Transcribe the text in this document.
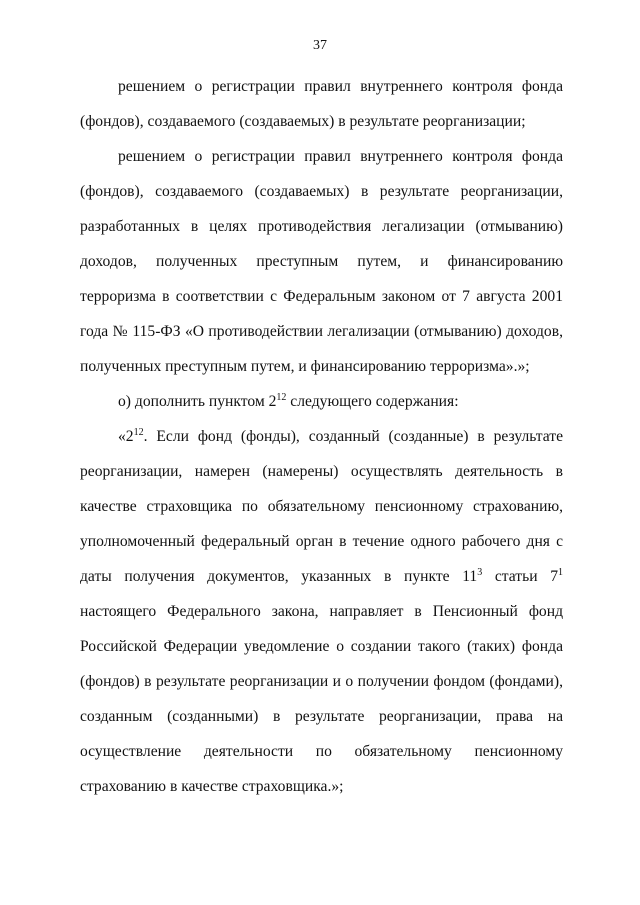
37

решением о регистрации правил внутреннего контроля фонда (фондов), создаваемого (создаваемых) в результате реорганизации;

решением о регистрации правил внутреннего контроля фонда (фондов), создаваемого (создаваемых) в результате реорганизации, разработанных в целях противодействия легализации (отмыванию) доходов, полученных преступным путем, и финансированию терроризма в соответствии с Федеральным законом от 7 августа 2001 года № 115-ФЗ «О противодействии легализации (отмыванию) доходов, полученных преступным путем, и финансированию терроризма».»;

о) дополнить пунктом $2^{12}$ следующего содержания:

«$2^{12}$. Если фонд (фонды), созданный (созданные) в результате реорганизации, намерен (намерены) осуществлять деятельность в качестве страховщика по обязательному пенсионному страхованию, уполномоченный федеральный орган в течение одного рабочего дня с даты получения документов, указанных в пункте $11^3$ статьи $7^1$ настоящего Федерального закона, направляет в Пенсионный фонд Российской Федерации уведомление о создании такого (таких) фонда (фондов) в результате реорганизации и о получении фондом (фондами), созданным (созданными) в результате реорганизации, права на осуществление деятельности по обязательному пенсионному страхованию в качестве страховщика.»;
